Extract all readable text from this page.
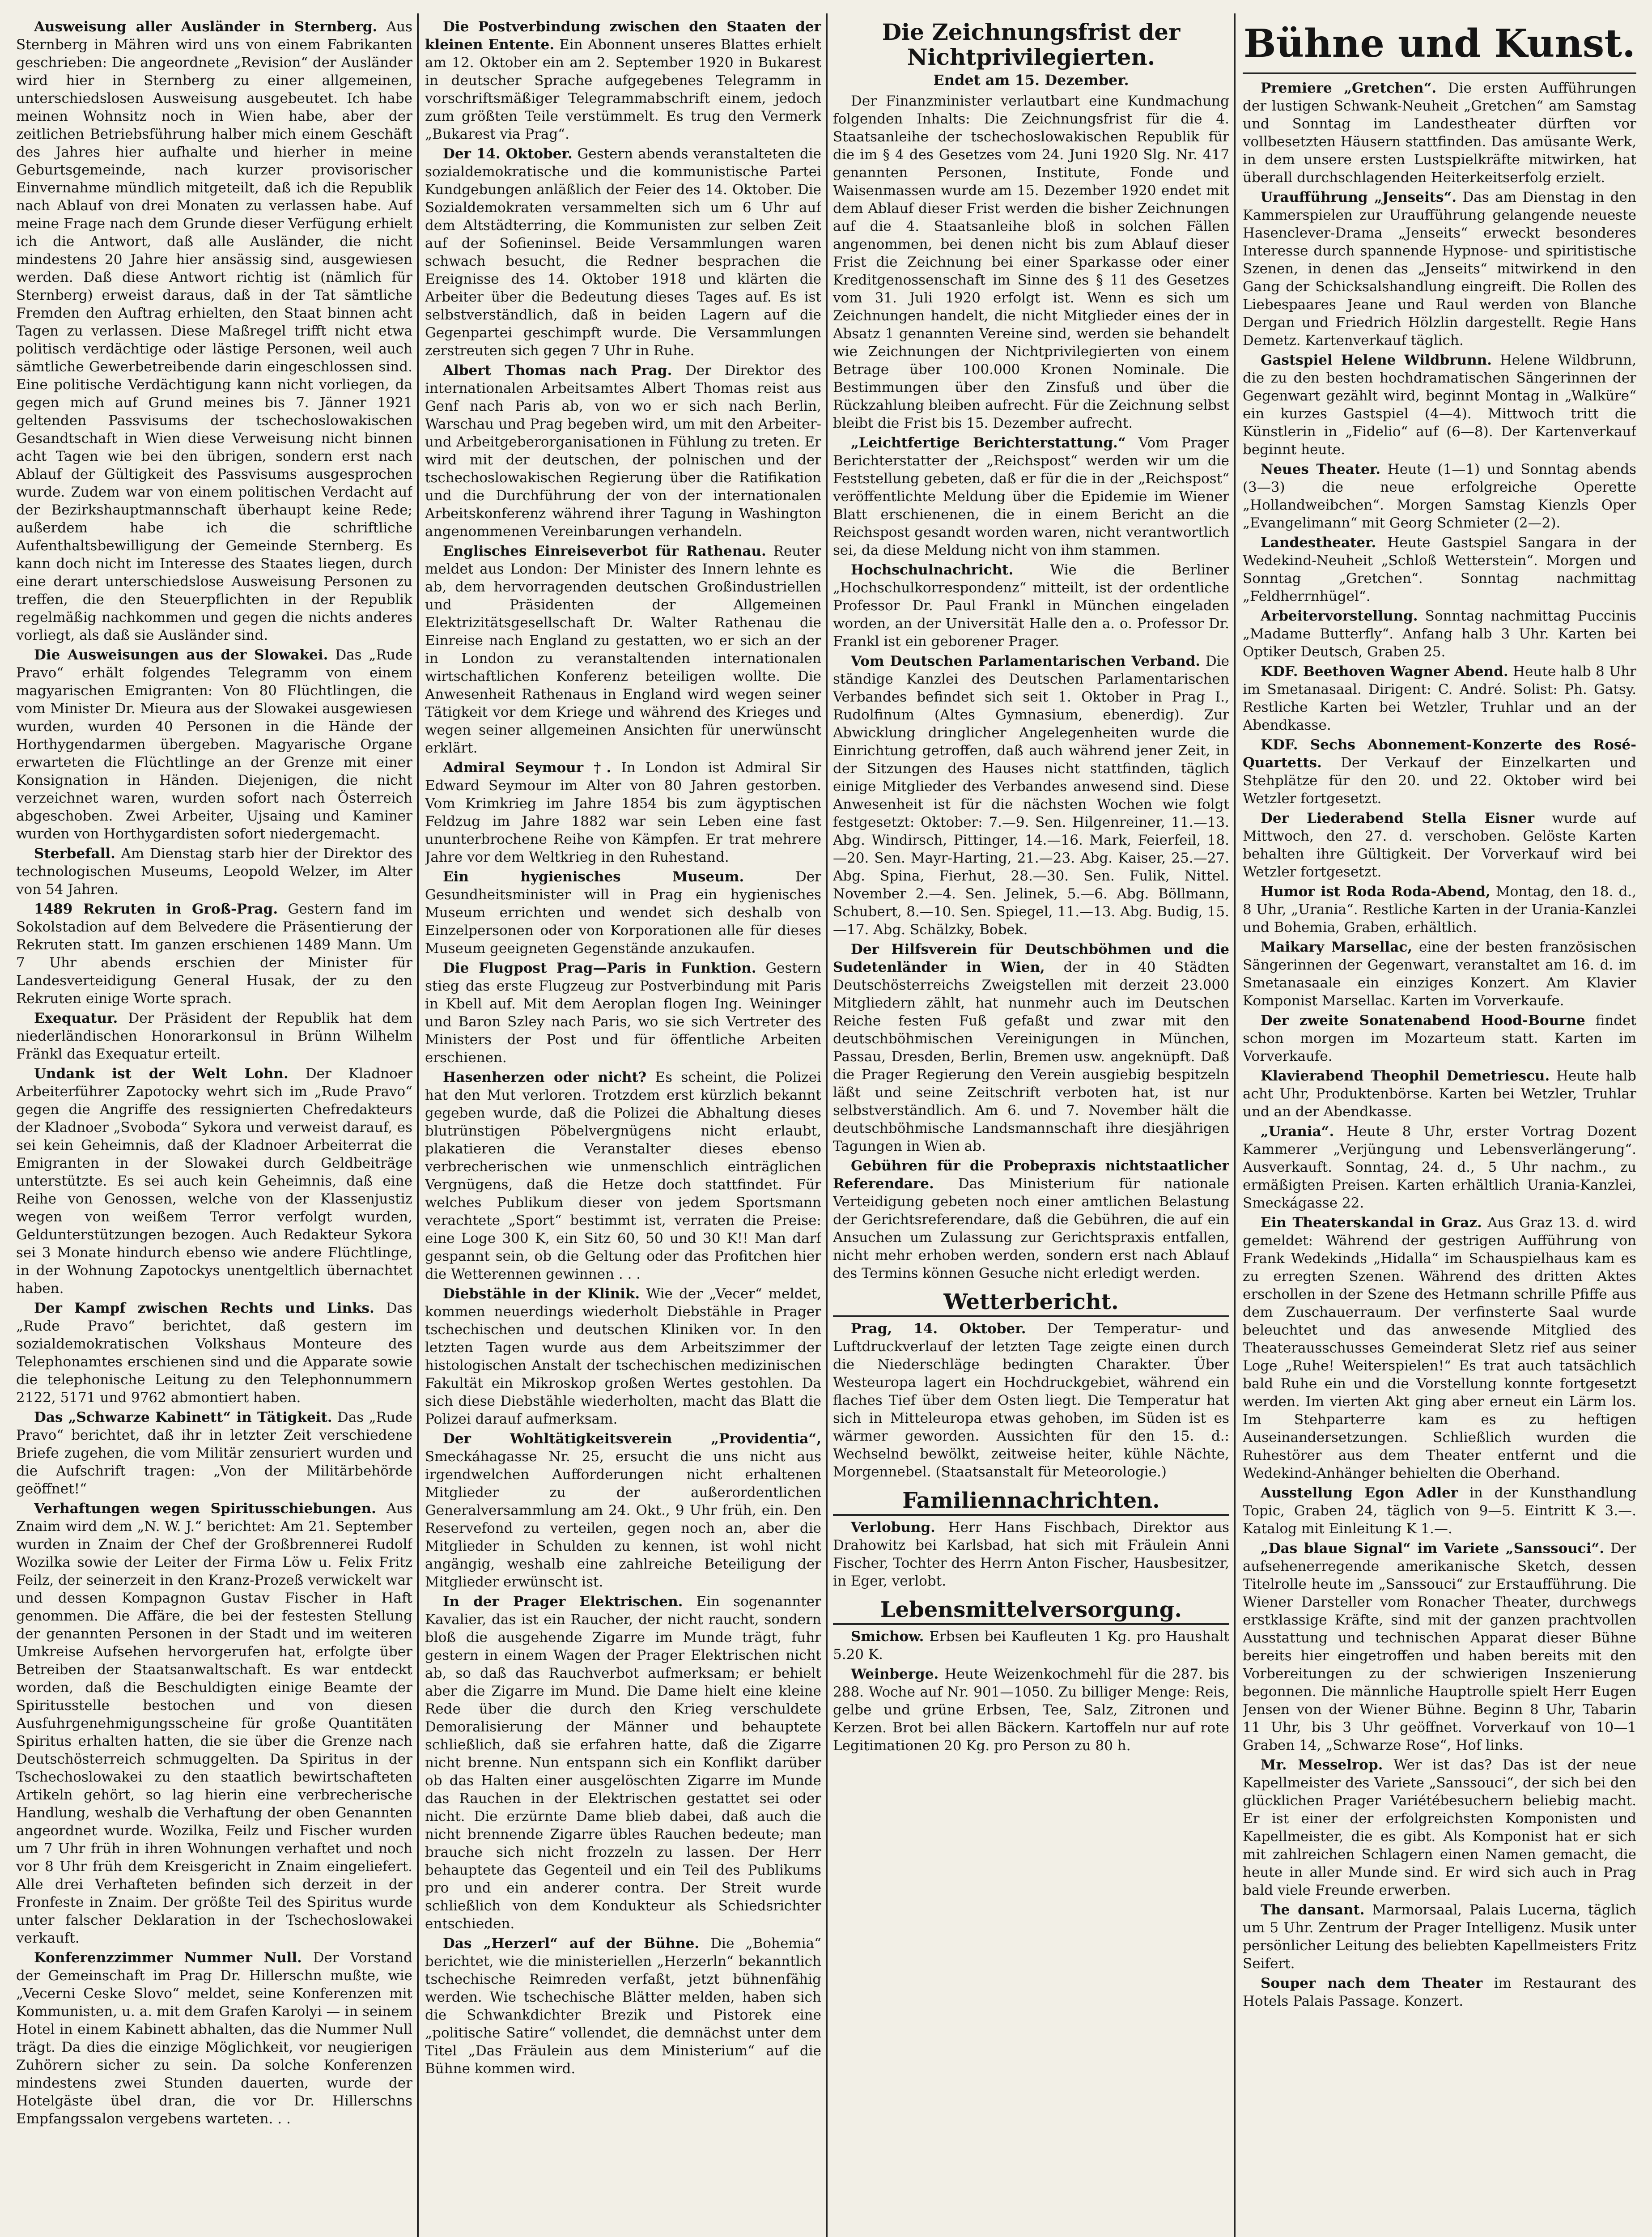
Ausweisung aller Ausländer in Sternberg. Aus Sternberg in Mähren wird uns von einem Fabrikanten geschrieben: Die angeordnete „Revision“ der Ausländer wird hier in Sternberg zu einer allgemeinen, unterschiedslosen Ausweisung ausgebeutet. Ich habe meinen Wohnsitz noch in Wien habe, aber der zeitlichen Betriebsführung halber mich einem Geschäft des Jahres hier aufhalte und hierher in meine Geburtsgemeinde, nach kurzer provisorischer Einvernahme mündlich mitgeteilt, daß ich die Republik nach Ablauf von drei Monaten zu verlassen habe. Auf meine Frage nach dem Grunde dieser Verfügung erhielt ich die Antwort, daß alle Ausländer, die nicht mindestens 20 Jahre hier ansässig sind, ausgewiesen werden. Daß diese Antwort richtig ist (nämlich für Sternberg) erweist daraus, daß in der Tat sämtliche Fremden den Auftrag erhielten, den Staat binnen acht Tagen zu verlassen. Diese Maßregel trifft nicht etwa politisch verdächtige oder lästige Personen, weil auch sämtliche Gewerbetreibende darin eingeschlossen sind. Eine politische Verdächtigung kann nicht vorliegen, da gegen mich auf Grund meines bis 7. Jänner 1921 geltenden Passvisums der tschechoslowakischen Gesandtschaft in Wien diese Verweisung nicht binnen acht Tagen wie bei den übrigen, sondern erst nach Ablauf der Gültigkeit des Passvisums ausgesprochen wurde. Zudem war von einem politischen Verdacht auf der Bezirkshauptmannschaft überhaupt keine Rede; außerdem habe ich die schriftliche Aufenthaltsbewilligung der Gemeinde Sternberg. Es kann doch nicht im Interesse des Staates liegen, durch eine derart unterschiedslose Ausweisung Personen zu treffen, die den Steuerpflichten in der Republik regelmäßig nachkommen und gegen die nichts anderes vorliegt, als daß sie Ausländer sind.

Die Ausweisungen aus der Slowakei. Das „Rude Pravo“ erhält folgendes Telegramm von einem magyarischen Emigranten: Von 80 Flüchtlingen, die vom Minister Dr. Mieura aus der Slowakei ausgewiesen wurden, wurden 40 Personen in die Hände der Horthygendarmen übergeben. Magyarische Organe erwarteten die Flüchtlinge an der Grenze mit einer Konsignation in Händen. Diejenigen, die nicht verzeichnet waren, wurden sofort nach Österreich abgeschoben. Zwei Arbeiter, Ujsaing und Kaminer wurden von Horthygardisten sofort niedergemacht.

Sterbefall. Am Dienstag starb hier der Direktor des technologischen Museums, Leopold Welzer, im Alter von 54 Jahren.

1489 Rekruten in Groß-Prag. Gestern fand im Sokolstadion auf dem Belvedere die Präsentierung der Rekruten statt. Im ganzen erschienen 1489 Mann. Um 7 Uhr abends erschien der Minister für Landesverteidigung General Husak, der zu den Rekruten einige Worte sprach.

Exequatur. Der Präsident der Republik hat dem niederländischen Honorarkonsul in Brünn Wilhelm Fränkl das Exequatur erteilt.

Undank ist der Welt Lohn. Der Kladnoer Arbeiterführer Zapotocky wehrt sich im „Rude Pravo“ gegen die Angriffe des ressignierten Chefredakteurs der Kladnoer „Svoboda“ Sykora und verweist darauf, es sei kein Geheimnis, daß der Kladnoer Arbeiterrat die Emigranten in der Slowakei durch Geldbeiträge unterstützte. Es sei auch kein Geheimnis, daß eine Reihe von Genossen, welche von der Klassenjustiz wegen von weißem Terror verfolgt wurden, Geldunterstützungen bezogen. Auch Redakteur Sykora sei 3 Monate hindurch ebenso wie andere Flüchtlinge, in der Wohnung Zapotockys unentgeltlich übernachtet haben.

Der Kampf zwischen Rechts und Links. Das „Rude Pravo“ berichtet, daß gestern im sozialdemokratischen Volkshaus Monteure des Telephonamtes erschienen sind und die Apparate sowie die telephonische Leitung zu den Telephonnummern 2122, 5171 und 9762 abmontiert haben.

Das „Schwarze Kabinett“ in Tätigkeit. Das „Rude Pravo“ berichtet, daß ihr in letzter Zeit verschiedene Briefe zugehen, die vom Militär zensuriert wurden und die Aufschrift tragen: „Von der Militärbehörde geöffnet!“

Verhaftungen wegen Spiritusschiebungen. Aus Znaim wird dem „N. W. J.“ berichtet: Am 21. September wurden in Znaim der Chef der Großbrennerei Rudolf Wozilka sowie der Leiter der Firma Löw u. Felix Fritz Feilz, der seinerzeit in den Kranz-Prozeß verwickelt war und dessen Kompagnon Gustav Fischer in Haft genommen. Die Affäre, die bei der festesten Stellung der genannten Personen in der Stadt und im weiteren Umkreise Aufsehen hervorgerufen hat, erfolgte über Betreiben der Staatsanwaltschaft. Es war entdeckt worden, daß die Beschuldigten einige Beamte der Spiritusstelle bestochen und von diesen Ausfuhrgenehmigungsscheine für große Quantitäten Spiritus erhalten hatten, die sie über die Grenze nach Deutschösterreich schmuggelten. Da Spiritus in der Tschechoslowakei zu den staatlich bewirtschafteten Artikeln gehört, so lag hierin eine verbrecherische Handlung, weshalb die Verhaftung der oben Genannten angeordnet wurde. Wozilka, Feilz und Fischer wurden um 7 Uhr früh in ihren Wohnungen verhaftet und noch vor 8 Uhr früh dem Kreisgericht in Znaim eingeliefert. Alle drei Verhafteten befinden sich derzeit in der Fronfeste in Znaim. Der größte Teil des Spiritus wurde unter falscher Deklaration in der Tschechoslowakei verkauft.

Konferenzzimmer Nummer Null. Der Vorstand der Gemeinschaft im Prag Dr. Hillerschn mußte, wie „Vecerni Ceske Slovo“ meldet, seine Konferenzen mit Kommunisten, u. a. mit dem Grafen Karolyi — in seinem Hotel in einem Kabinett abhalten, das die Nummer Null trägt. Da dies die einzige Möglichkeit, vor neugierigen Zuhörern sicher zu sein. Da solche Konferenzen mindestens zwei Stunden dauerten, wurde der Hotelgäste übel dran, die vor Dr. Hillerschns Empfangssalon vergebens warteten. . .

Die Postverbindung zwischen den Staaten der kleinen Entente. Ein Abonnent unseres Blattes erhielt am 12. Oktober ein am 2. September 1920 in Bukarest in deutscher Sprache aufgegebenes Telegramm in vorschriftsmäßiger Telegrammabschrift einem, jedoch zum größten Teile verstümmelt. Es trug den Vermerk „Bukarest via Prag“.

Der 14. Oktober. Gestern abends veranstalteten die sozialdemokratische und die kommunistische Partei Kundgebungen anläßlich der Feier des 14. Oktober. Die Sozialdemokraten versammelten sich um 6 Uhr auf dem Altstädterring, die Kommunisten zur selben Zeit auf der Sofieninsel. Beide Versammlungen waren schwach besucht, die Redner besprachen die Ereignisse des 14. Oktober 1918 und klärten die Arbeiter über die Bedeutung dieses Tages auf. Es ist selbstverständlich, daß in beiden Lagern auf die Gegenpartei geschimpft wurde. Die Versammlungen zerstreuten sich gegen 7 Uhr in Ruhe.

Albert Thomas nach Prag. Der Direktor des internationalen Arbeitsamtes Albert Thomas reist aus Genf nach Paris ab, von wo er sich nach Berlin, Warschau und Prag begeben wird, um mit den Arbeiter- und Arbeitgeberorganisationen in Fühlung zu treten. Er wird mit der deutschen, der polnischen und der tschechoslowakischen Regierung über die Ratifikation und die Durchführung der von der internationalen Arbeitskonferenz während ihrer Tagung in Washington angenommenen Vereinbarungen verhandeln.

Englisches Einreiseverbot für Rathenau. Reuter meldet aus London: Der Minister des Innern lehnte es ab, dem hervorragenden deutschen Großindustriellen und Präsidenten der Allgemeinen Elektrizitätsgesellschaft Dr. Walter Rathenau die Einreise nach England zu gestatten, wo er sich an der in London zu veranstaltenden internationalen wirtschaftlichen Konferenz beteiligen wollte. Die Anwesenheit Rathenaus in England wird wegen seiner Tätigkeit vor dem Kriege und während des Krieges und wegen seiner allgemeinen Ansichten für unerwünscht erklärt.

Admiral Seymour †. In London ist Admiral Sir Edward Seymour im Alter von 80 Jahren gestorben. Vom Krimkrieg im Jahre 1854 bis zum ägyptischen Feldzug im Jahre 1882 war sein Leben eine fast ununterbrochene Reihe von Kämpfen. Er trat mehrere Jahre vor dem Weltkrieg in den Ruhestand.

Ein hygienisches Museum.	Der Gesundheitsminister will in Prag ein hygienisches Museum errichten und wendet sich deshalb von Einzelpersonen oder von Korporationen alle für dieses Museum geeigneten Gegenstände anzukaufen.

Die Flugpost Prag—Paris in Funktion. Gestern stieg das erste Flugzeug zur Postverbindung mit Paris in Kbell auf. Mit dem Aeroplan flogen Ing. Weininger und Baron Szley nach Paris, wo sie sich Vertreter des Ministers der Post und für öffentliche Arbeiten erschienen.

Hasenherzen oder nicht? Es scheint, die Polizei hat den Mut verloren. Trotzdem erst kürzlich bekannt gegeben wurde, daß die Polizei die Abhaltung dieses blutrünstigen Pöbelvergnügens nicht erlaubt, plakatieren die Veranstalter dieses ebenso verbrecherischen wie unmenschlich einträglichen Vergnügens, daß die Hetze doch stattfindet. Für welches Publikum dieser von jedem Sportsmann verachtete „Sport“ bestimmt ist, verraten die Preise: eine Loge 300 K, ein Sitz 60, 50 und 30 K!! Man darf gespannt sein, ob die Geltung oder das Profitchen hier die Wetterennen gewinnen . . .

Diebstähle in der Klinik. Wie der „Vecer“ meldet, kommen neuerdings wiederholt Diebstähle in Prager tschechischen und deutschen Kliniken vor. In den letzten Tagen wurde aus dem Arbeitszimmer der histologischen Anstalt der tschechischen medizinischen Fakultät ein Mikroskop großen Wertes gestohlen. Da sich diese Diebstähle wiederholten, macht das Blatt die Polizei darauf aufmerksam.

Der Wohltätigkeitsverein „Providentia“, Smeckáhagasse Nr. 25, ersucht die uns nicht aus irgendwelchen Aufforderungen nicht erhaltenen Mitglieder zu der außerordentlichen Generalversammlung am 24. Okt., 9 Uhr früh, ein. Den Reservefond zu verteilen, gegen noch an, aber die Mitglieder in Schulden zu kennen, ist wohl nicht angängig, weshalb eine zahlreiche Beteiligung der Mitglieder erwünscht ist.

In der Prager Elektrischen. Ein sogenannter Kavalier, das ist ein Raucher, der nicht raucht, sondern bloß die ausgehende Zigarre im Munde trägt, fuhr gestern in einem Wagen der Prager Elektrischen nicht ab, so daß das Rauchverbot aufmerksam; er behielt aber die Zigarre im Mund. Die Dame hielt eine kleine Rede über die durch den Krieg verschuldete Demoralisierung der Männer und behauptete schließlich, daß sie erfahren hatte, daß die Zigarre nicht brenne. Nun entspann sich ein Konflikt darüber ob das Halten einer ausgelöschten Zigarre im Munde das Rauchen in der Elektrischen gestattet sei oder nicht. Die erzürnte Dame blieb dabei, daß auch die nicht brennende Zigarre übles Rauchen bedeute; man brauche sich nicht frozzeln zu lassen. Der Herr behauptete das Gegenteil und ein Teil des Publikums pro und ein anderer contra. Der Streit wurde schließlich von dem Kondukteur als Schiedsrichter entschieden.

Das „Herzerl“ auf der Bühne. Die „Bohemia“ berichtet, wie die ministeriellen „Herzerln“ bekanntlich tschechische Reimreden verfaßt, jetzt bühnenfähig werden. Wie tschechische Blätter melden, haben sich die Schwankdichter Brezik und Pistorek eine „politische Satire“ vollendet, die demnächst unter dem Titel „Das Fräulein aus dem Ministerium“ auf die Bühne kommen wird.

Die Zeichnungsfrist der Nichtprivilegierten.
Endet am 15. Dezember.

Der Finanzminister verlautbart eine Kundmachung folgenden Inhalts: Die Zeichnungsfrist für die 4. Staatsanleihe der tschechoslowakischen Republik für die im § 4 des Gesetzes vom 24. Juni 1920 Slg. Nr. 417 genannten Personen, Institute, Fonde und Waisenmassen wurde am 15. Dezember 1920 endet mit dem Ablauf dieser Frist werden die bisher Zeichnungen auf die 4. Staatsanleihe bloß in solchen Fällen angenommen, bei denen nicht bis zum Ablauf dieser Frist die Zeichnung bei einer Sparkasse oder einer Kreditgenossenschaft im Sinne des § 11 des Gesetzes vom 31. Juli 1920 erfolgt ist. Wenn es sich um Zeichnungen handelt, die nicht Mitglieder eines der in Absatz 1 genannten Vereine sind, werden sie behandelt wie Zeichnungen der Nichtprivilegierten von einem Betrage über 100.000 Kronen Nominale. Die Bestimmungen über den Zinsfuß und über die Rückzahlung bleiben aufrecht. Für die Zeichnung selbst bleibt die Frist bis 15. Dezember aufrecht.

„Leichtfertige Berichterstattung.“ Vom Prager Berichterstatter der „Reichspost“ werden wir um die Feststellung gebeten, daß er für die in der „Reichspost“ veröffentlichte Meldung über die Epidemie im Wiener Blatt erschienenen, die in einem Bericht an die Reichspost gesandt worden waren, nicht verantwortlich sei, da diese Meldung nicht von ihm stammen.

Hochschulnachricht.	Wie die Berliner „Hochschulkorrespondenz“ mitteilt, ist der ordentliche Professor Dr. Paul Frankl in München eingeladen worden, an der Universität Halle den a. o. Professor Dr. Frankl ist ein geborener Prager.

Vom Deutschen Parlamentarischen Verband. Die ständige Kanzlei des Deutschen Parlamentarischen Verbandes befindet sich seit 1. Oktober in Prag I., Rudolfinum (Altes Gymnasium, ebenerdig). Zur Abwicklung dringlicher Angelegenheiten wurde die Einrichtung getroffen, daß auch während jener Zeit, in der Sitzungen des Hauses nicht stattfinden, täglich einige Mitglieder des Verbandes anwesend sind. Diese Anwesenheit ist für die nächsten Wochen wie folgt festgesetzt: Oktober: 7.—9. Sen. Hilgenreiner, 11.—13. Abg. Windirsch, Pittinger, 14.—16. Mark, Feierfeil, 18.—20. Sen. Mayr-Harting, 21.—23. Abg. Kaiser, 25.—27. Abg. Spina, Fierhut, 28.—30. Sen. Fulik, Nittel. November 2.—4. Sen. Jelinek, 5.—6. Abg. Böllmann, Schubert, 8.—10. Sen. Spiegel, 11.—13. Abg. Budig, 15.—17. Abg. Schälzky, Bobek.

Der Hilfsverein für Deutschböhmen und die Sudetenländer in Wien, der in 40 Städten Deutschösterreichs Zweigstellen mit derzeit 23.000 Mitgliedern zählt, hat nunmehr auch im Deutschen Reiche festen Fuß gefaßt und zwar mit den deutschböhmischen Vereinigungen in München, Passau, Dresden, Berlin, Bremen usw. angeknüpft. Daß die Prager Regierung den Verein ausgiebig bespitzeln läßt und seine Zeitschrift verboten hat, ist nur selbstverständlich. Am 6. und 7. November hält die deutschböhmische Landsmannschaft ihre diesjährigen Tagungen in Wien ab.

Gebühren für die Probepraxis nichtstaatlicher Referendare. Das Ministerium für nationale Verteidigung gebeten noch einer amtlichen Belastung der Gerichtsreferendare, daß die Gebühren, die auf ein Ansuchen um Zulassung zur Gerichtspraxis entfallen, nicht mehr erhoben werden, sondern erst nach Ablauf des Termins können Gesuche nicht erledigt werden.

Wetterbericht.

Prag, 14. Oktober. Der Temperatur- und Luftdruckverlauf der letzten Tage zeigte einen durch die Niederschläge bedingten Charakter. Über Westeuropa lagert ein Hochdruckgebiet, während ein flaches Tief über dem Osten liegt. Die Temperatur hat sich in Mitteleuropa etwas gehoben, im Süden ist es wärmer geworden. Aussichten für den 15. d.: Wechselnd bewölkt, zeitweise heiter, kühle Nächte, Morgennebel. (Staatsanstalt für Meteorologie.)

Familiennachrichten.

Verlobung. Herr Hans Fischbach, Direktor aus Drahowitz bei Karlsbad, hat sich mit Fräulein Anni Fischer, Tochter des Herrn Anton Fischer, Hausbesitzer, in Eger, verlobt.

Lebensmittelversorgung.

Smichow. Erbsen bei Kaufleuten 1 Kg. pro Haushalt 5.20 K.

Weinberge. Heute Weizenkochmehl für die 287. bis 288. Woche auf Nr. 901—1050. Zu billiger Menge: Reis, gelbe und grüne Erbsen, Tee, Salz, Zitronen und Kerzen. Brot bei allen Bäckern. Kartoffeln nur auf rote Legitimationen 20 Kg. pro Person zu 80 h.

Bühne und Kunst.

Premiere „Gretchen“. Die ersten Aufführungen der lustigen Schwank-Neuheit „Gretchen“ am Samstag und Sonntag im Landestheater dürften vor vollbesetzten Häusern stattfinden. Das amüsante Werk, in dem unsere ersten Lustspielkräfte mitwirken, hat überall durchschlagenden Heiterkeitserfolg erzielt.

Uraufführung „Jenseits“. Das am Dienstag in den Kammerspielen zur Uraufführung gelangende neueste Hasenclever-Drama „Jenseits“ erweckt besonderes Interesse durch spannende Hypnose- und spiritistische Szenen, in denen das „Jenseits“ mitwirkend in den Gang der Schicksalshandlung eingreift. Die Rollen des Liebespaares Jeane und Raul werden von Blanche Dergan und Friedrich Hölzlin dargestellt. Regie Hans Demetz. Kartenverkauf täglich.

Gastspiel Helene Wildbrunn. Helene Wildbrunn, die zu den besten hochdramatischen Sängerinnen der Gegenwart gezählt wird, beginnt Montag in „Walküre“ ein kurzes Gastspiel (4—4). Mittwoch tritt die Künstlerin in „Fidelio“ auf (6—8). Der Kartenverkauf beginnt heute.

Neues Theater. Heute (1—1) und Sonntag abends (3—3) die neue erfolgreiche Operette „Hollandweibchen“. Morgen Samstag Kienzls Oper „Evangelimann“ mit Georg Schmieter (2—2).

Landestheater. Heute Gastspiel Sangara in der Wedekind-Neuheit „Schloß Wetterstein“. Morgen und Sonntag „Gretchen“. Sonntag nachmittag „Feldherrnhügel“.

Arbeitervorstellung. Sonntag nachmittag Puccinis „Madame Butterfly“. Anfang halb 3 Uhr. Karten bei Optiker Deutsch, Graben 25.

KDF. Beethoven Wagner Abend. Heute halb 8 Uhr im Smetanasaal. Dirigent: C. André. Solist: Ph. Gatsy. Restliche Karten bei Wetzler, Truhlar und an der Abendkasse.

KDF. Sechs Abonnement-Konzerte des Rosé-Quartetts. Der Verkauf der Einzelkarten und Stehplätze für den 20. und 22. Oktober wird bei Wetzler fortgesetzt.

Der Liederabend Stella Eisner wurde auf Mittwoch, den 27. d. verschoben. Gelöste Karten behalten ihre Gültigkeit. Der Vorverkauf wird bei Wetzler fortgesetzt.

Humor ist Roda Roda-Abend, Montag, den 18. d., 8 Uhr, „Urania“. Restliche Karten in der Urania-Kanzlei und Bohemia, Graben, erhältlich.

Maikary Marsellac, eine der besten französischen Sängerinnen der Gegenwart, veranstaltet am 16. d. im Smetanasaale ein einziges Konzert. Am Klavier Komponist Marsellac. Karten im Vorverkaufe.

Der zweite Sonatenabend Hood-Bourne findet schon morgen im Mozarteum statt. Karten im Vorverkaufe.

Klavierabend Theophil Demetriescu. Heute halb acht Uhr, Produktenbörse. Karten bei Wetzler, Truhlar und an der Abendkasse.

„Urania“. Heute 8 Uhr, erster Vortrag Dozent Kammerer „Verjüngung und Lebensverlängerung“. Ausverkauft. Sonntag, 24. d., 5 Uhr nachm., zu ermäßigten Preisen. Karten erhältlich Urania-Kanzlei, Smeckágasse 22.

Ein Theaterskandal in Graz. Aus Graz 13. d. wird gemeldet: Während der gestrigen Aufführung von Frank Wedekinds „Hidalla“ im Schauspielhaus kam es zu erregten Szenen. Während des dritten Aktes erschollen in der Szene des Hetmann schrille Pfiffe aus dem Zuschauerraum. Der verfinsterte Saal wurde beleuchtet und das anwesende Mitglied des Theaterausschusses Gemeinderat Sletz rief aus seiner Loge „Ruhe! Weiterspielen!“ Es trat auch tatsächlich bald Ruhe ein und die Vorstellung konnte fortgesetzt werden. Im vierten Akt ging aber erneut ein Lärm los. Im Stehparterre kam es zu heftigen Auseinandersetzungen. Schließlich wurden die Ruhestörer aus dem Theater entfernt und die Wedekind-Anhänger behielten die Oberhand.

Ausstellung Egon Adler in der Kunsthandlung Topic, Graben 24, täglich von 9—5. Eintritt K 3.—. Katalog mit Einleitung K 1.—.

„Das blaue Signal“ im Variete „Sanssouci“. Der aufsehenerregende amerikanische Sketch, dessen Titelrolle heute im „Sanssouci“ zur Erstaufführung. Die Wiener Darsteller vom Ronacher Theater, durchwegs erstklassige Kräfte, sind mit der ganzen prachtvollen Ausstattung und technischen Apparat dieser Bühne bereits hier eingetroffen und haben bereits mit den Vorbereitungen zu der schwierigen Inszenierung begonnen. Die männliche Hauptrolle spielt Herr Eugen Jensen von der Wiener Bühne. Beginn 8 Uhr, Tabarin 11 Uhr, bis 3 Uhr geöffnet. Vorverkauf von 10—1 Graben 14, „Schwarze Rose“, Hof links.

Mr. Messelrop. Wer ist das? Das ist der neue Kapellmeister des Variete „Sanssouci“, der sich bei den glücklichen Prager Variétébesuchern beliebig macht. Er ist einer der erfolgreichsten Komponisten und Kapellmeister, die es gibt. Als Komponist hat er sich mit zahlreichen Schlagern einen Namen gemacht, die heute in aller Munde sind. Er wird sich auch in Prag bald viele Freunde erwerben.

The dansant. Marmorsaal, Palais Lucerna, täglich um 5 Uhr. Zentrum der Prager Intelligenz. Musik unter persönlicher Leitung des beliebten Kapellmeisters Fritz Seifert.

Souper nach dem Theater im Restaurant des Hotels Palais Passage. Konzert.
